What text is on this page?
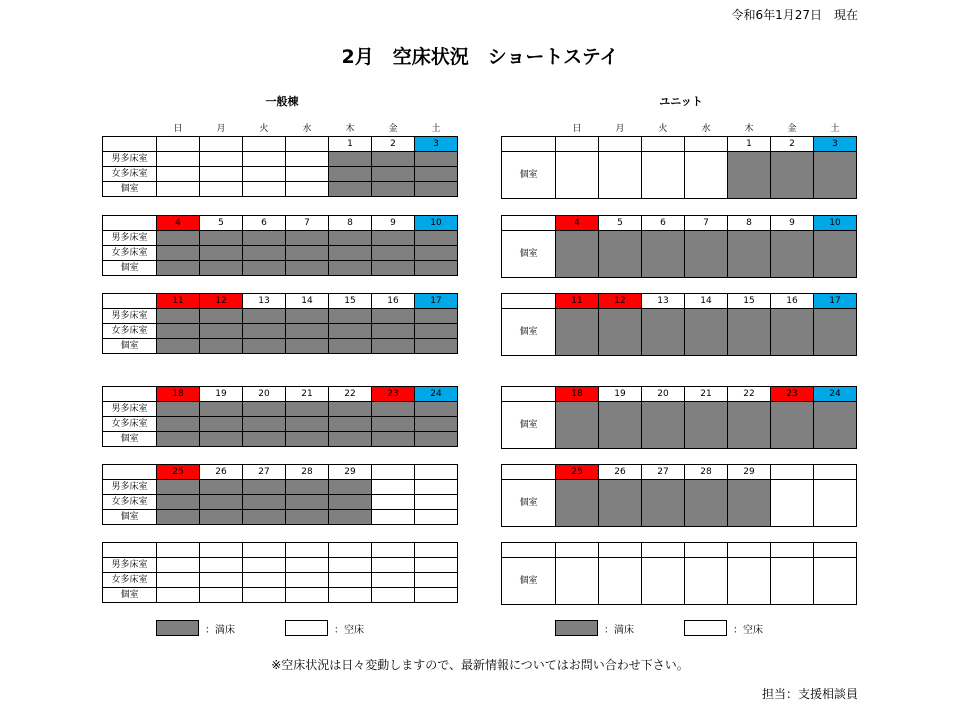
令和6年1月27日　現在
2月　空床状況　ショートステイ
一般棟	ユニット
	日	月	火	水	木	金	土
					1	2	3
男多床室							
女多床室							
個室							
	日	月	火	水	木	金	土
					1	2	3
個室							
	4	5	6	7	8	9	10
男多床室							
女多床室							
個室							
	4	5	6	7	8	9	10
個室							
	11	12	13	14	15	16	17
男多床室							
女多床室							
個室							
	11	12	13	14	15	16	17
個室							
	18	19	20	21	22	23	24
男多床室							
女多床室							
個室							
	18	19	20	21	22	23	24
個室							
	25	26	27	28	29		
男多床室							
女多床室							
個室							
	25	26	27	28	29		
個室							

男多床室							
女多床室							
個室							

個室							
：満床	：空床	：満床	：空床
※空床状況は日々変動しますので、最新情報についてはお問い合わせ下さい。
担当：支援相談員
